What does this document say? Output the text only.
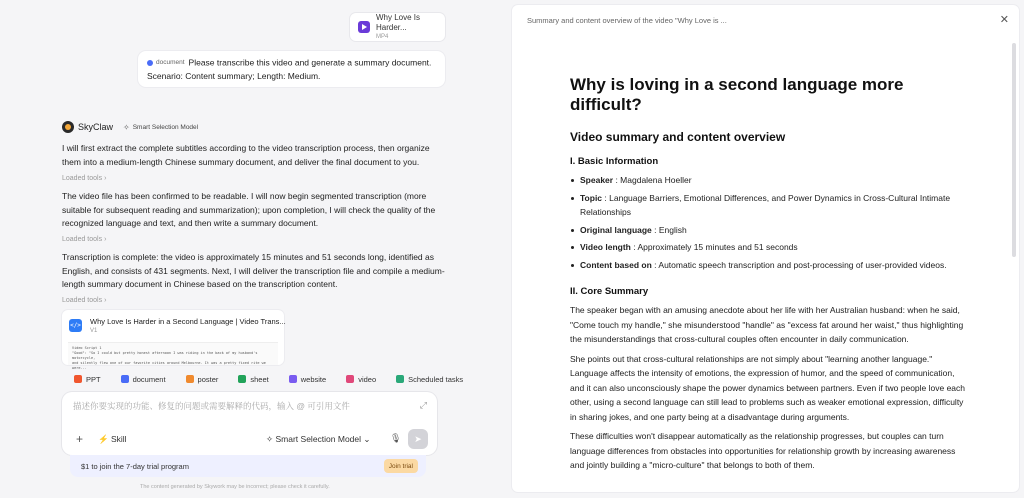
Why Love Is Harder...
MP4
document Please transcribe this video and generate a summary document.
Scenario: Content summary; Length: Medium.
SkyClaw ✧ Smart Selection Model
I will first extract the complete subtitles according to the video transcription process, then organize them into a medium-length Chinese summary document, and deliver the final document to you.
Loaded tools ›
The video file has been confirmed to be readable. I will now begin segmented transcription (more suitable for subsequent reading and summarization); upon completion, I will check the quality of the recognized language and text, and then write a summary document.
Loaded tools ›
Transcription is complete: the video is approximately 15 minutes and 51 seconds long, identified as English, and consists of 431 segments. Next, I will deliver the transcription file and compile a medium-length summary document in Chinese based on the transcription content.
Loaded tools ›
</> Why Love Is Harder in a Second Language | Video Trans...
V1
Video Script 1
"Good": "So I could but pretty honest afternoon I was riding in the back of my husband's motorcycle,
and silently flew one of our favorite cities around Melbourne. It was a pretty fixed rite we were...
PPT	document	poster	sheet	website	video	Scheduled tasks
描述你要实现的功能、修复的问题或需要解释的代码，输入 @ 可引用文件	⤢
+ ⚡ Skill	✧ Smart Selection Model ⌄ 🎙	➤
$1 to join the 7-day trial program	Join trial
The content generated by Skywork may be incorrect; please check it carefully.
Summary and content overview of the video "Why Love is ...	✕
Why is loving in a second language more difficult?
Video summary and content overview
I. Basic Information
Speaker : Magdalena Hoeller
Topic : Language Barriers, Emotional Differences, and Power Dynamics in Cross-Cultural Intimate Relationships
Original language : English
Video length : Approximately 15 minutes and 51 seconds
Content based on : Automatic speech transcription and post-processing of user-provided videos.
II. Core Summary

The speaker began with an amusing anecdote about her life with her Australian husband: when he said, "Come touch my handle," she misunderstood "handle" as "excess fat around her waist," thus highlighting the misunderstandings that cross-cultural couples often encounter in daily communication.

She points out that cross-cultural relationships are not simply about "learning another language." Language affects the intensity of emotions, the expression of humor, and the speed of communication, and it can also unconsciously shape the power dynamics between partners. Even if two people love each other, using a second language can still lead to problems such as weaker emotional expression, difficulty in sharing jokes, and one party being at a disadvantage during arguments.

These difficulties won't disappear automatically as the relationship progresses, but couples can turn language differences from obstacles into opportunities for relationship growth by increasing awareness and jointly building a "micro-culture" that belongs to both of them.
